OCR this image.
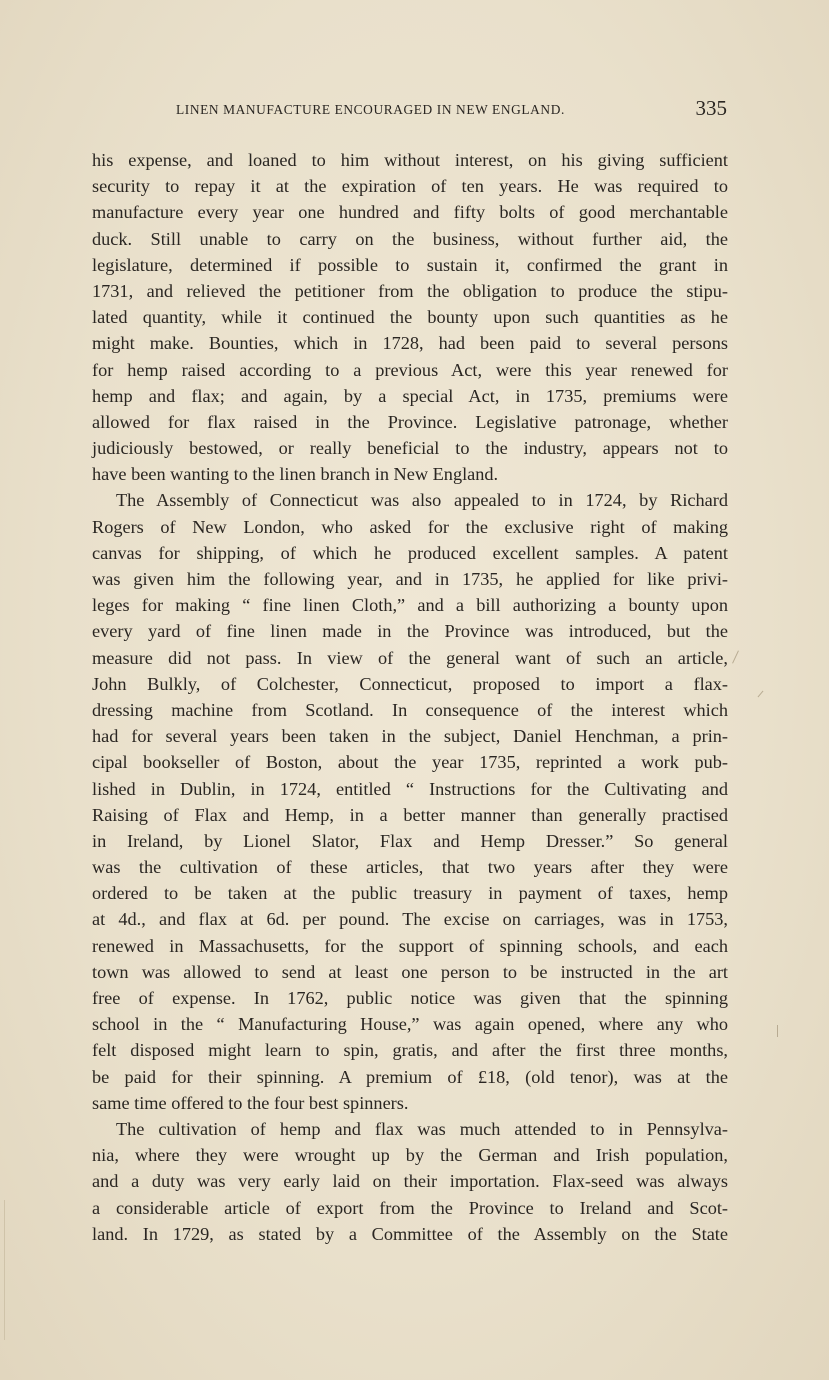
LINEN MANUFACTURE ENCOURAGED IN NEW ENGLAND.	335
his expense, and loaned to him without interest, on his giving sufficient
security to repay it at the expiration of ten years. He was required to
manufacture every year one hundred and fifty bolts of good merchantable
duck. Still unable to carry on the business, without further aid, the
legislature, determined if possible to sustain it, confirmed the grant in
1731, and relieved the petitioner from the obligation to produce the stipu-
lated quantity, while it continued the bounty upon such quantities as he
might make. Bounties, which in 1728, had been paid to several persons
for hemp raised according to a previous Act, were this year renewed for
hemp and flax; and again, by a special Act, in 1735, premiums were
allowed for flax raised in the Province. Legislative patronage, whether
judiciously bestowed, or really beneficial to the industry, appears not to
have been wanting to the linen branch in New England.
The Assembly of Connecticut was also appealed to in 1724, by Richard
Rogers of New London, who asked for the exclusive right of making
canvas for shipping, of which he produced excellent samples. A patent
was given him the following year, and in 1735, he applied for like privi-
leges for making “ fine linen Cloth,” and a bill authorizing a bounty upon
every yard of fine linen made in the Province was introduced, but the
measure did not pass. In view of the general want of such an article,
John Bulkly, of Colchester, Connecticut, proposed to import a flax-
dressing machine from Scotland. In consequence of the interest which
had for several years been taken in the subject, Daniel Henchman, a prin-
cipal bookseller of Boston, about the year 1735, reprinted a work pub-
lished in Dublin, in 1724, entitled “ Instructions for the Cultivating and
Raising of Flax and Hemp, in a better manner than generally practised
in Ireland, by Lionel Slator, Flax and Hemp Dresser.” So general
was the cultivation of these articles, that two years after they were
ordered to be taken at the public treasury in payment of taxes, hemp
at 4d., and flax at 6d. per pound. The excise on carriages, was in 1753,
renewed in Massachusetts, for the support of spinning schools, and each
town was allowed to send at least one person to be instructed in the art
free of expense. In 1762, public notice was given that the spinning
school in the “ Manufacturing House,” was again opened, where any who
felt disposed might learn to spin, gratis, and after the first three months,
be paid for their spinning. A premium of £18, (old tenor), was at the
same time offered to the four best spinners.
The cultivation of hemp and flax was much attended to in Pennsylva-
nia, where they were wrought up by the German and Irish population,
and a duty was very early laid on their importation. Flax-seed was always
a considerable article of export from the Province to Ireland and Scot-
land. In 1729, as stated by a Committee of the Assembly on the State
